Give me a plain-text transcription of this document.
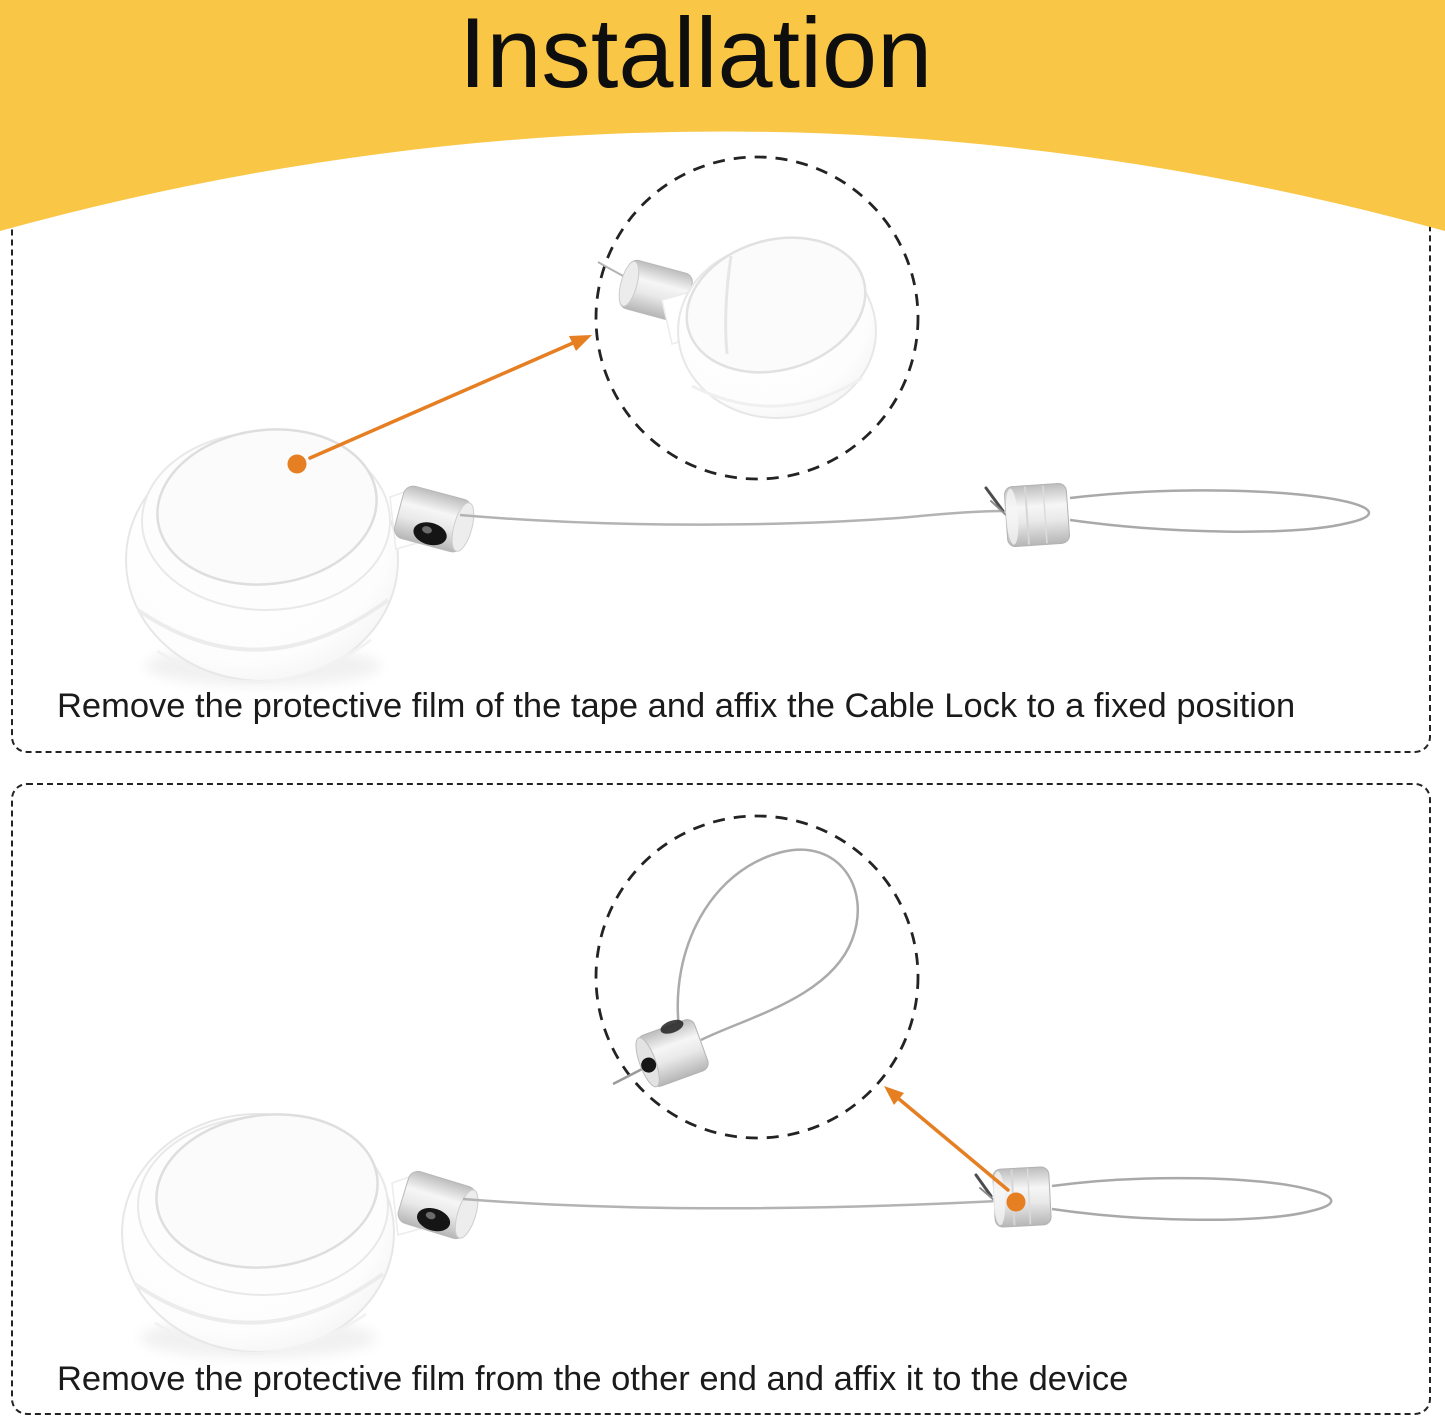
Installation

Remove the protective film of the tape and affix the Cable Lock to a fixed position

Remove the protective film from the other end and affix it to the device
